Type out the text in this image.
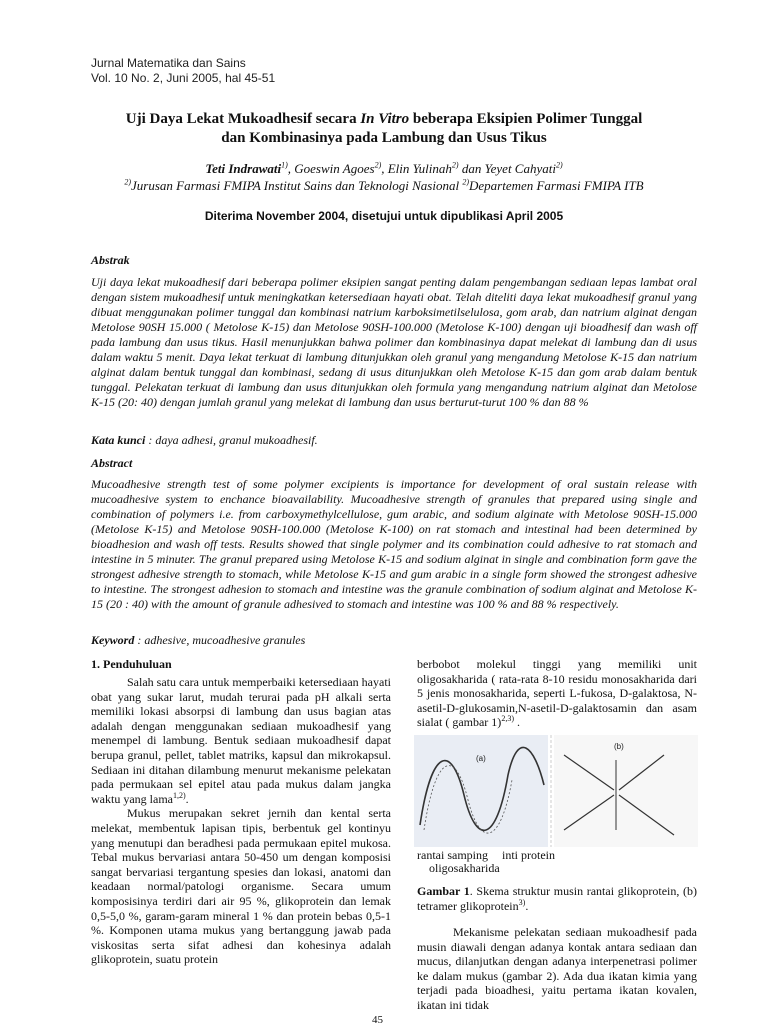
Jurnal Matematika dan Sains
Vol. 10 No. 2, Juni 2005, hal 45-51
Uji Daya Lekat Mukoadhesif secara In Vitro beberapa Eksipien Polimer Tunggal
dan Kombinasinya pada Lambung dan Usus Tikus
Teti Indrawati$^{1)}$, Goeswin Agoes$^{2)}$, Elin Yulinah$^{2)}$ dan Yeyet Cahyati$^{2)}$
$^{2)}$Jurusan Farmasi FMIPA Institut Sains dan Teknologi Nasional $^{2)}$Departemen Farmasi FMIPA ITB
Diterima November 2004, disetujui untuk dipublikasi April 2005
Abstrak
Uji daya lekat mukoadhesif dari beberapa polimer eksipien sangat penting dalam pengembangan sediaan lepas lambat oral dengan sistem mukoadhesif untuk meningkatkan ketersediaan hayati obat. Telah diteliti daya lekat mukoadhesif granul yang dibuat menggunakan polimer tunggal dan kombinasi natrium karboksimetilselulosa, gom arab, dan natrium alginat dengan Metolose 90SH 15.000 ( Metolose K-15) dan Metolose 90SH-100.000 (Metolose K-100) dengan uji bioadhesif dan wash off pada lambung dan usus tikus. Hasil menunjukkan bahwa polimer dan kombinasinya dapat melekat di lambung dan di usus dalam waktu 5 menit. Daya lekat terkuat di lambung ditunjukkan oleh granul yang mengandung Metolose K-15 dan natrium alginat dalam bentuk tunggal dan kombinasi, sedang di usus ditunjukkan oleh Metolose K-15 dan gom arab dalam bentuk tunggal. Pelekatan terkuat di lambung dan usus ditunjukkan oleh formula yang mengandung natrium alginat dan Metolose K-15 (20: 40) dengan jumlah granul yang melekat di lambung dan usus berturut-turut 100 % dan 88 %
Kata kunci : daya adhesi, granul mukoadhesif.
Abstract
Mucoadhesive strength test of some polymer excipients is importance for development of oral sustain release with mucoadhesive system to enchance bioavailability. Mucoadhesive strength of granules that prepared using single and combination of polymers i.e. from carboxymethylcellulose, gum arabic, and sodium alginate with Metolose 90SH-15.000 (Metolose K-15) and Metolose 90SH-100.000 (Metolose K-100) on rat stomach and intestinal had been determined by bioadhesion and wash off tests. Results showed that single polymer and its combination could adhesive to rat stomach and intestine in 5 minuter. The granul prepared using Metolose K-15 and sodium alginat in single and combination form gave the strongest adhesive strength to stomach, while Metolose K-15 and gum arabic in a single form showed the strongest adhesive to intestine. The strongest adhesion to stomach and intestine was the granule combination of sodium alginat and Metolose K-15 (20 : 40) with the amount of granule adhesived to stomach and intestine was 100 % and 88 % respectively.
Keyword : adhesive, mucoadhesive granules
1. Penduhuluan

Salah satu cara untuk memperbaiki ketersediaan hayati obat yang sukar larut, mudah terurai pada pH alkali serta memiliki lokasi absorpsi di lambung dan usus bagian atas adalah dengan menggunakan sediaan mukoadhesif yang menempel di lambung. Bentuk sediaan mukoadhesif dapat berupa granul, pellet, tablet matriks, kapsul dan mikrokapsul. Sediaan ini ditahan dilambung menurut mekanisme pelekatan pada permukaan sel epitel atau pada mukus dalam jangka waktu yang lama$^{1,2)}$.

Mukus merupakan sekret jernih dan kental serta melekat, membentuk lapisan tipis, berbentuk gel kontinyu yang menutupi dan beradhesi pada permukaan epitel mukosa. Tebal mukus bervariasi antara 50-450 um dengan komposisi sangat bervariasi tergantung spesies dan lokasi, anatomi dan keadaan normal/patologi organisme. Secara umum komposisinya terdiri dari air 95 %, glikoprotein dan lemak 0,5-5,0 %, garam-garam mineral 1 % dan protein bebas 0,5-1 %. Komponen utama mukus yang bertanggung jawab pada viskositas serta sifat adhesi dan kohesinya adalah glikoprotein, suatu protein

berbobot molekul tinggi yang memiliki unit oligosakharida ( rata-rata 8-10 residu monosakharida dari 5 jenis monosakharida, seperti L-fukosa, D-galaktosa, N-asetil-D-glukosamin,N-asetil-D-galaktosamin dan asam sialat ( gambar 1)$^{2,3)}$ .
(a)
(b)
rantai samping inti protein
oligosakharida
Gambar 1. Skema struktur musin rantai glikoprotein, (b) tetramer glikoprotein$^{3)}$.

Mekanisme pelekatan sediaan mukoadhesif pada musin diawali dengan adanya kontak antara sediaan dan mucus, dilanjutkan dengan adanya interpenetrasi polimer ke dalam mukus (gambar 2). Ada dua ikatan kimia yang terjadi pada bioadhesi, yaitu pertama ikatan kovalen, ikatan ini tidak

45
